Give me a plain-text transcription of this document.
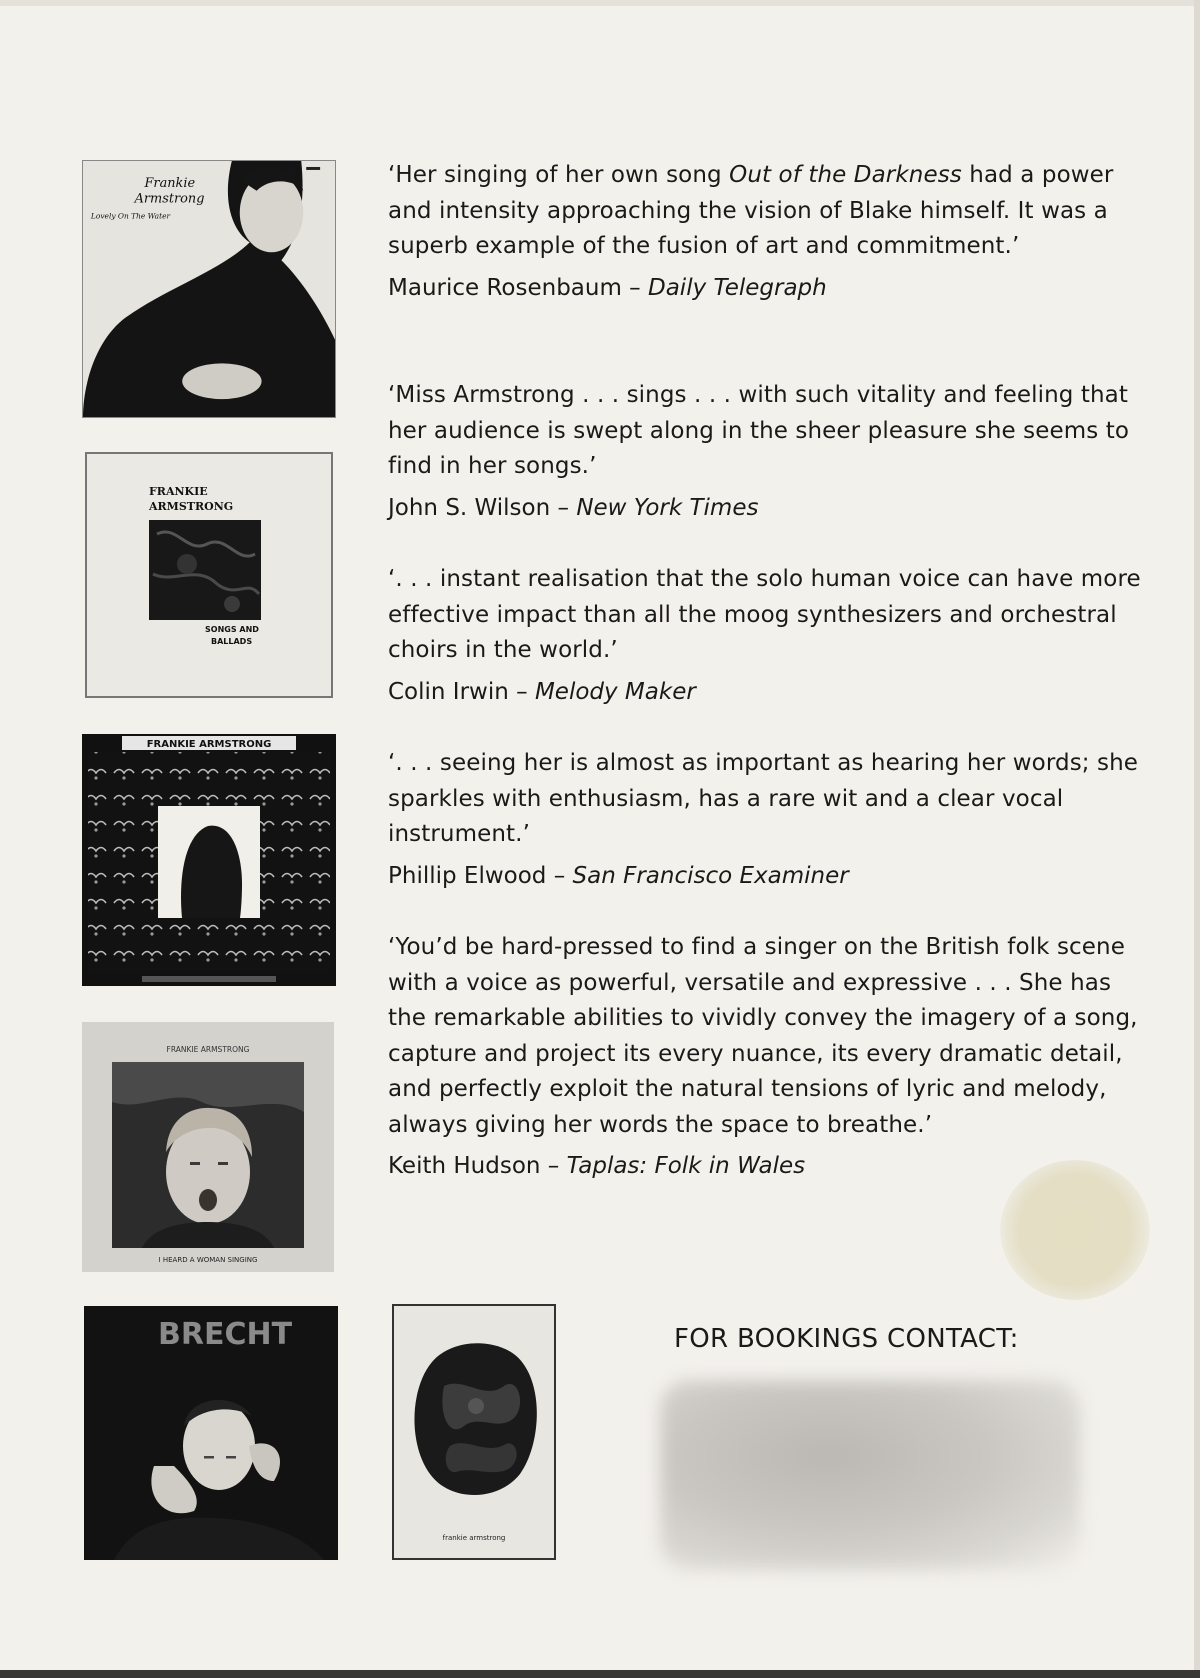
Frankie
Armstrong
Lovely On The Water
FRANKIE
ARMSTRONG
SONGS AND
BALLADS
FRANKIE ARMSTRONG
FRANKIE ARMSTRONG
I HEARD A WOMAN SINGING
BRECHT
frankie armstrong

‘Her singing of her own song Out of the Darkness had a power and intensity approaching the vision of Blake himself. It was a superb example of the fusion of art and commitment.’

Maurice Rosenbaum – Daily Telegraph

‘Miss Armstrong . . . sings . . . with such vitality and feeling that her audience is swept along in the sheer pleasure she seems to find in her songs.’

John S. Wilson – New York Times

‘. . . instant realisation that the solo human voice can have more effective impact than all the moog synthesizers and orchestral choirs in the world.’

Colin Irwin – Melody Maker

‘. . . seeing her is almost as important as hearing her words; she sparkles with enthusiasm, has a rare wit and a clear vocal instrument.’

Phillip Elwood – San Francisco Examiner

‘You’d be hard-pressed to find a singer on the British folk scene with a voice as powerful, versatile and expressive . . . She has the remarkable abilities to vividly convey the imagery of a song, capture and project its every nuance, its every dramatic detail, and perfectly exploit the natural tensions of lyric and melody, always giving her words the space to breathe.’

Keith Hudson – Taplas: Folk in Wales

FOR BOOKINGS CONTACT:
